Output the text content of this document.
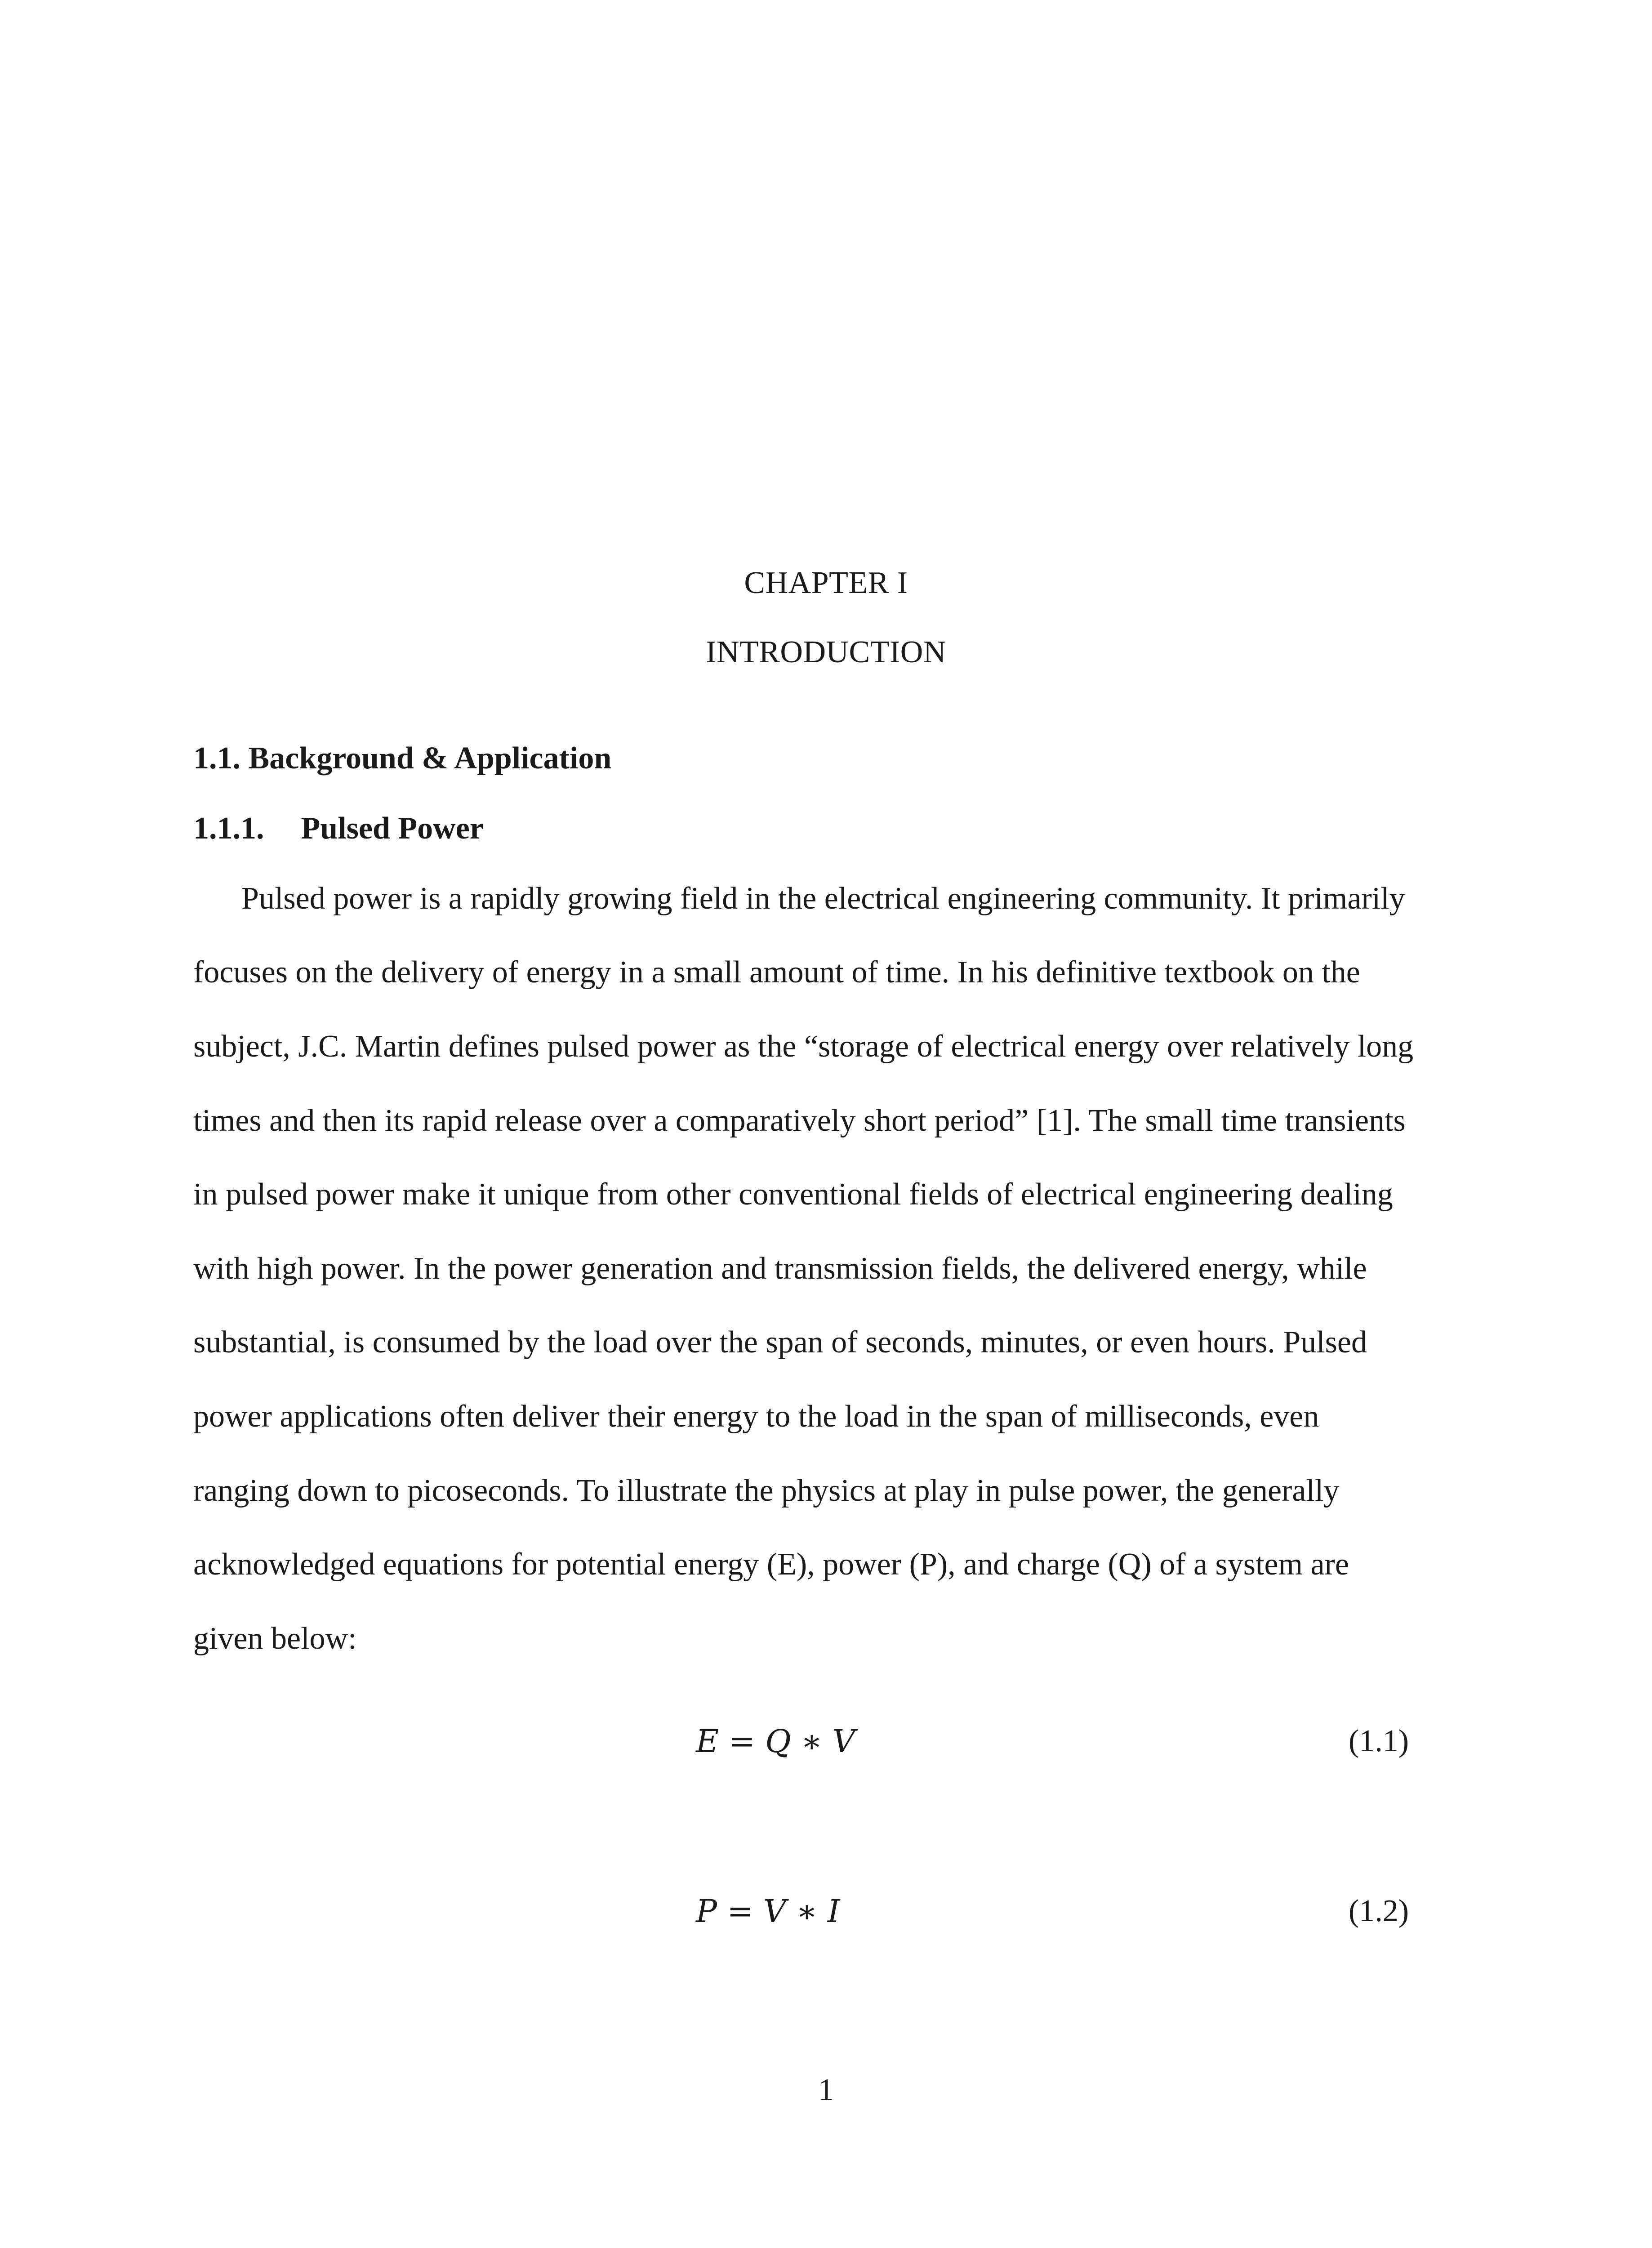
CHAPTER I
INTRODUCTION
1.1. Background & Application
1.1.1. Pulsed Power
Pulsed power is a rapidly growing field in the electrical engineering community. It primarily
focuses on the delivery of energy in a small amount of time. In his definitive textbook on the
subject, J.C. Martin defines pulsed power as the “storage of electrical energy over relatively long
times and then its rapid release over a comparatively short period” [1]. The small time transients
in pulsed power make it unique from other conventional fields of electrical engineering dealing
with high power. In the power generation and transmission fields, the delivered energy, while
substantial, is consumed by the load over the span of seconds, minutes, or even hours. Pulsed
power applications often deliver their energy to the load in the span of milliseconds, even
ranging down to picoseconds. To illustrate the physics at play in pulse power, the generally
acknowledged equations for potential energy (E), power (P), and charge (Q) of a system are
given below:
E = Q ∗ V	(1.1)
P = V ∗ I	(1.2)
1
